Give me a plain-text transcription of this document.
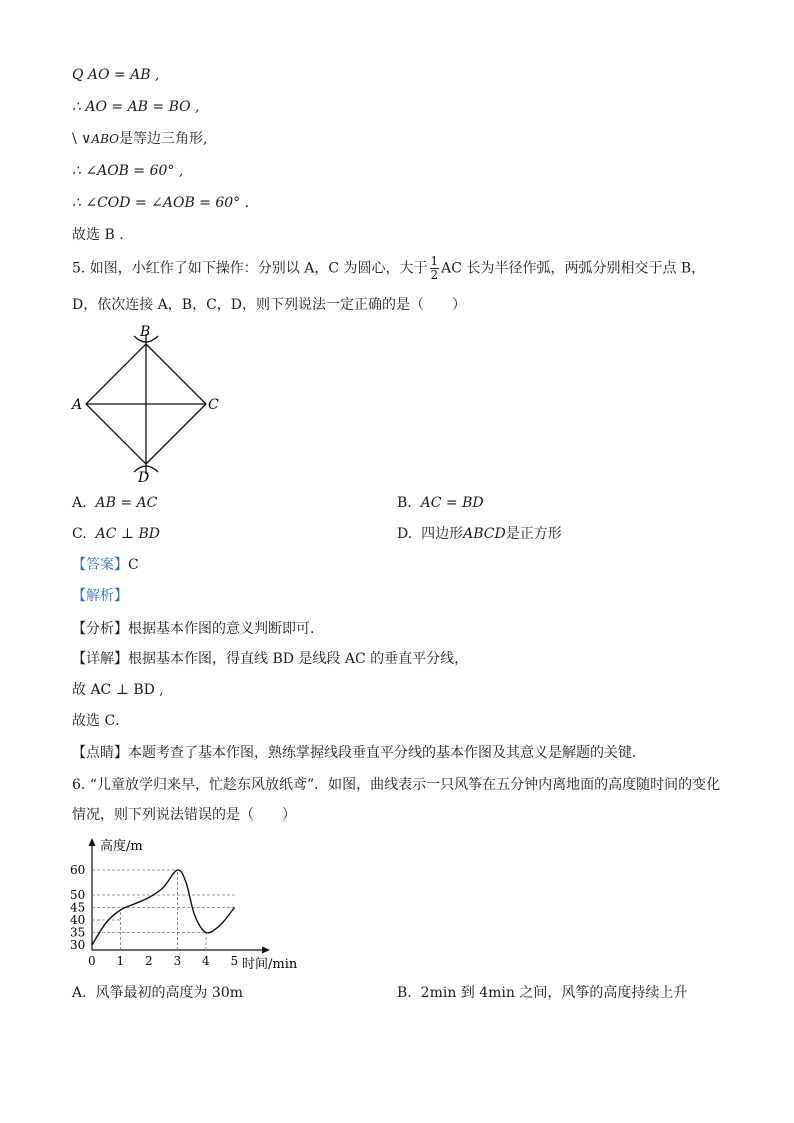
Q AO = AB ,
∴ AO = AB = BO ,
\ ∨ABO是等边三角形,
∴ ∠AOB = 60° ,
∴ ∠COD = ∠AOB = 60° .
故选 B .
5. 如图，小红作了如下操作：分别以 A，C 为圆心，大于 $\frac{1}{2}$ AC 长为半径作弧，两弧分别相交于点 B，
D，依次连接 A，B，C，D，则下列说法一定正确的是（　　）
A
B
C
D
A. AB = AC	B. AC = BD
C. AC ⊥ BD	D. 四边形ABCD是正方形
【答案】C
【解析】
【分析】根据基本作图的意义判断即可．
【详解】根据基本作图，得直线 BD 是线段 AC 的垂直平分线，
故 AC ⊥ BD ,
故选 C．
【点睛】本题考查了基本作图，熟练掌握线段垂直平分线的基本作图及其意义是解题的关键．
6. “儿童放学归来早，忙趁东风放纸鸢”．如图，曲线表示一只风筝在五分钟内离地面的高度随时间的变化
情况，则下列说法错误的是（　　）
0 1 2 3 4 5
30
35
40
45
50
60
高度/m
时间/min
A. 风筝最初的高度为 30m	B. 2min 到 4min 之间，风筝的高度持续上升
